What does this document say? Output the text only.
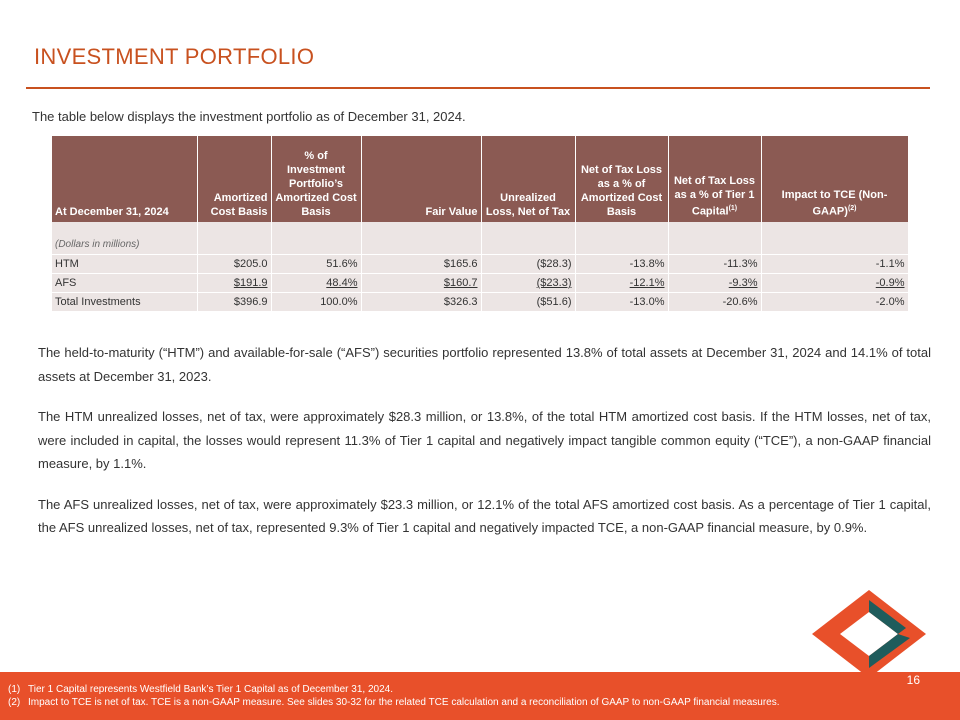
INVESTMENT PORTFOLIO
The table below displays the investment portfolio as of December 31, 2024.
At December 31, 2024	Amortized Cost Basis	% of Investment Portfolio’s Amortized Cost Basis	Fair Value	Unrealized Loss, Net of Tax	Net of Tax Loss as a % of Amortized Cost Basis	Net of Tax Loss as a % of Tier 1 Capital$^{(1)}$	Impact to TCE (Non-GAAP)$^{(2)}$
(Dollars in millions)							
HTM	$205.0	51.6%	$165.6	($28.3)	-13.8%	-11.3%	-1.1%
AFS	$191.9	48.4%	$160.7	($23.3)	-12.1%	-9.3%	-0.9%
Total Investments	$396.9	100.0%	$326.3	($51.6)	-13.0%	-20.6%	-2.0%

The held-to-maturity (“HTM”) and available-for-sale (“AFS”) securities portfolio represented 13.8% of total assets at December 31, 2024 and 14.1% of total assets at December 31, 2023.

The HTM unrealized losses, net of tax, were approximately $28.3 million, or 13.8%, of the total HTM amortized cost basis. If the HTM losses, net of tax, were included in capital, the losses would represent 11.3% of Tier 1 capital and negatively impact tangible common equity (“TCE”), a non-GAAP financial measure, by 1.1%.

The AFS unrealized losses, net of tax, were approximately $23.3 million, or 12.1% of the total AFS amortized cost basis. As a percentage of Tier 1 capital, the AFS unrealized losses, net of tax, represented 9.3% of Tier 1 capital and negatively impacted TCE, a non-GAAP financial measure, by 0.9%.

16
(1) Tier 1 Capital represents Westfield Bank’s Tier 1 Capital as of December 31, 2024.
(2) Impact to TCE is net of tax. TCE is a non-GAAP measure. See slides 30-32 for the related TCE calculation and a reconciliation of GAAP to non-GAAP financial measures.
